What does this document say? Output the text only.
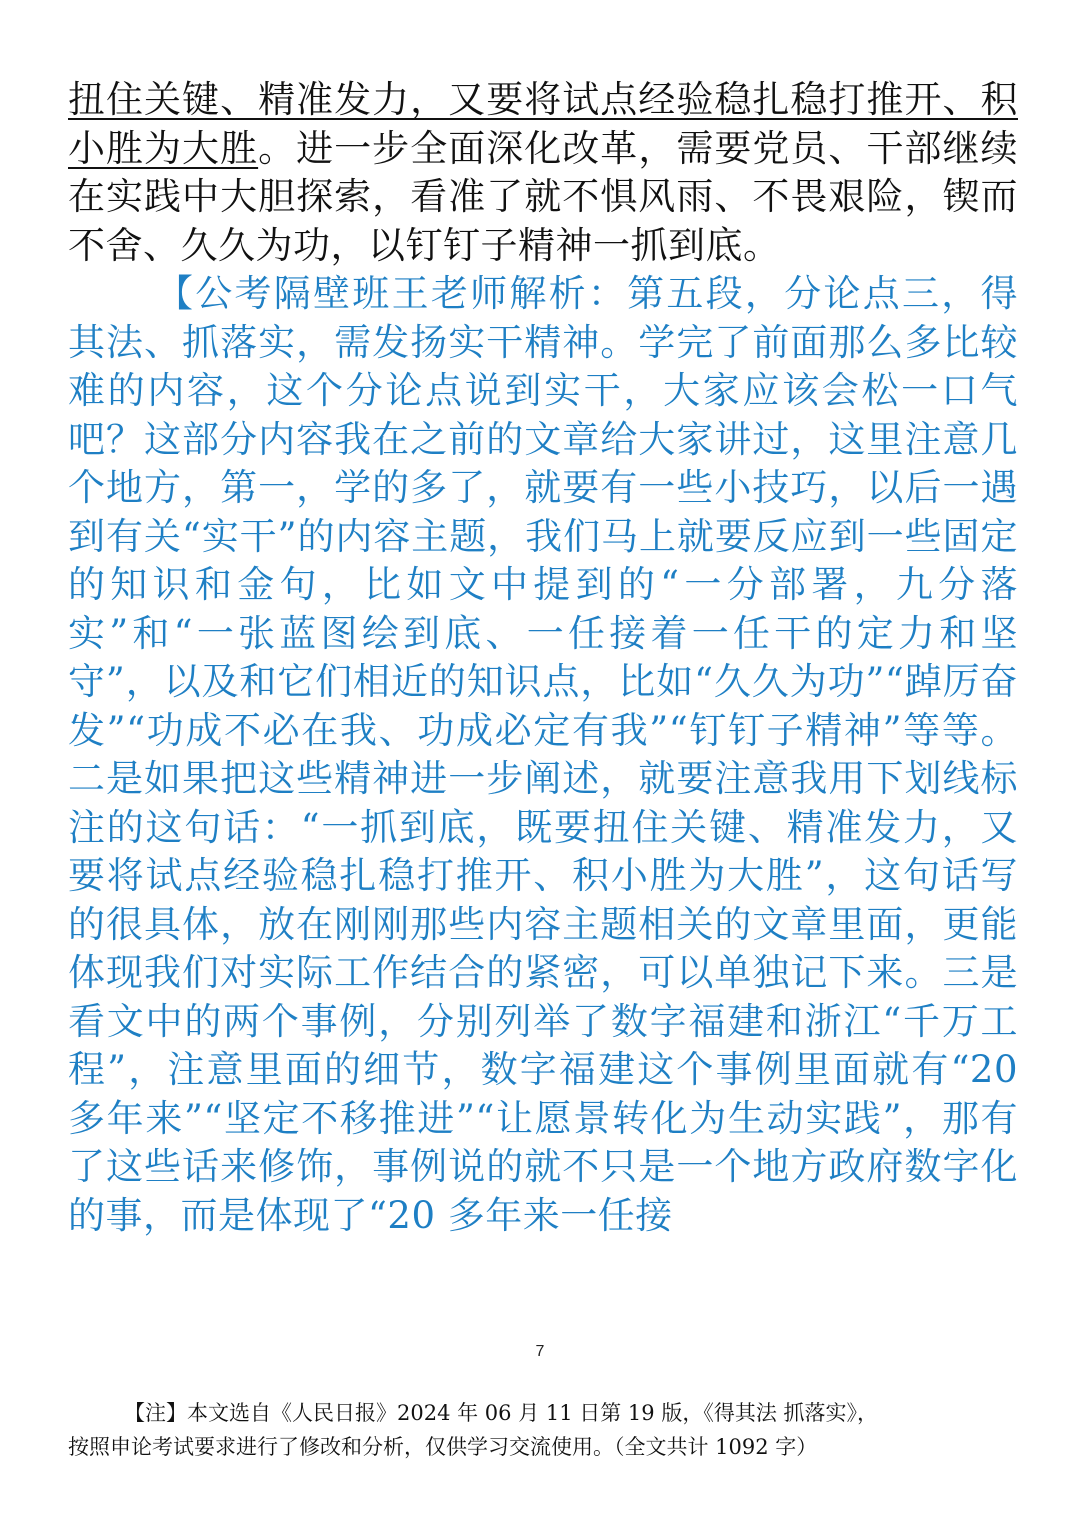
扭住关键、精准发力，又要将试点经验稳扎稳打推开、积小胜为大胜。进一步全面深化改革，需要党员、干部继续在实践中大胆探索，看准了就不惧风雨、不畏艰险，锲而不舍、久久为功，以钉钉子精神一抓到底。

【公考隔壁班王老师解析：第五段，分论点三，得其法、抓落实，需发扬实干精神。学完了前面那么多比较难的内容，这个分论点说到实干，大家应该会松一口气吧？这部分内容我在之前的文章给大家讲过，这里注意几个地方，第一，学的多了，就要有一些小技巧，以后一遇到有关“实干”的内容主题，我们马上就要反应到一些固定的知识和金句，比如文中提到的“一分部署，九分落实”和“一张蓝图绘到底、一任接着一任干的定力和坚守”，以及和它们相近的知识点，比如“久久为功”“踔厉奋发”“功成不必在我、功成必定有我”“钉钉子精神”等等。二是如果把这些精神进一步阐述，就要注意我用下划线标注的这句话：“一抓到底，既要扭住关键、精准发力，又要将试点经验稳扎稳打推开、积小胜为大胜”，这句话写的很具体，放在刚刚那些内容主题相关的文章里面，更能体现我们对实际工作结合的紧密，可以单独记下来。三是看文中的两个事例，分别列举了数字福建和浙江“千万工程”，注意里面的细节，数字福建这个事例里面就有“20 多年来”“坚定不移推进”“让愿景转化为生动实践”，那有了这些话来修饰，事例说的就不只是一个地方政府数字化的事，而是体现了“20 多年来一任接

7

【注】本文选自《人民日报》2024 年 06 月 11 日第 19 版，《得其法 抓落实》，

按照申论考试要求进行了修改和分析，仅供学习交流使用。（全文共计 1092 字）
